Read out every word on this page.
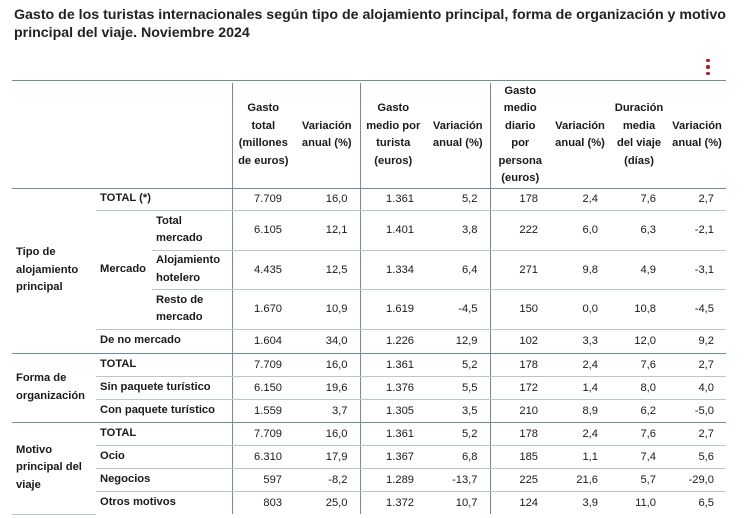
Gasto de los turistas internacionales según tipo de alojamiento principal, forma de organización y motivo principal del viaje. Noviembre 2024
			Gasto total (millones de euros)	Variación anual (%)	Gasto medio por turista (euros)	Variación anual (%)	Gasto medio diario por persona (euros)	Variación anual (%)	Duración media del viaje (días)	Variación anual (%)
Tipo de alojamiento principal	TOTAL (*)		7.709	16,0	1.361	5,2	178	2,4	7,6	2,7
	Mercado	Total mercado	6.105	12,1	1.401	3,8	222	6,0	6,3	-2,1
		Alojamiento hotelero	4.435	12,5	1.334	6,4	271	9,8	4,9	-3,1
		Resto de mercado	1.670	10,9	1.619	-4,5	150	0,0	10,8	-4,5
	De no mercado		1.604	34,0	1.226	12,9	102	3,3	12,0	9,2
Forma de organización	TOTAL		7.709	16,0	1.361	5,2	178	2,4	7,6	2,7
	Sin paquete turístico		6.150	19,6	1.376	5,5	172	1,4	8,0	4,0
	Con paquete turístico		1.559	3,7	1.305	3,5	210	8,9	6,2	-5,0
Motivo principal del viaje	TOTAL		7.709	16,0	1.361	5,2	178	2,4	7,6	2,7
	Ocio		6.310	17,9	1.367	6,8	185	1,1	7,4	5,6
	Negocios		597	-8,2	1.289	-13,7	225	21,6	5,7	-29,0
	Otros motivos		803	25,0	1.372	10,7	124	3,9	11,0	6,5
